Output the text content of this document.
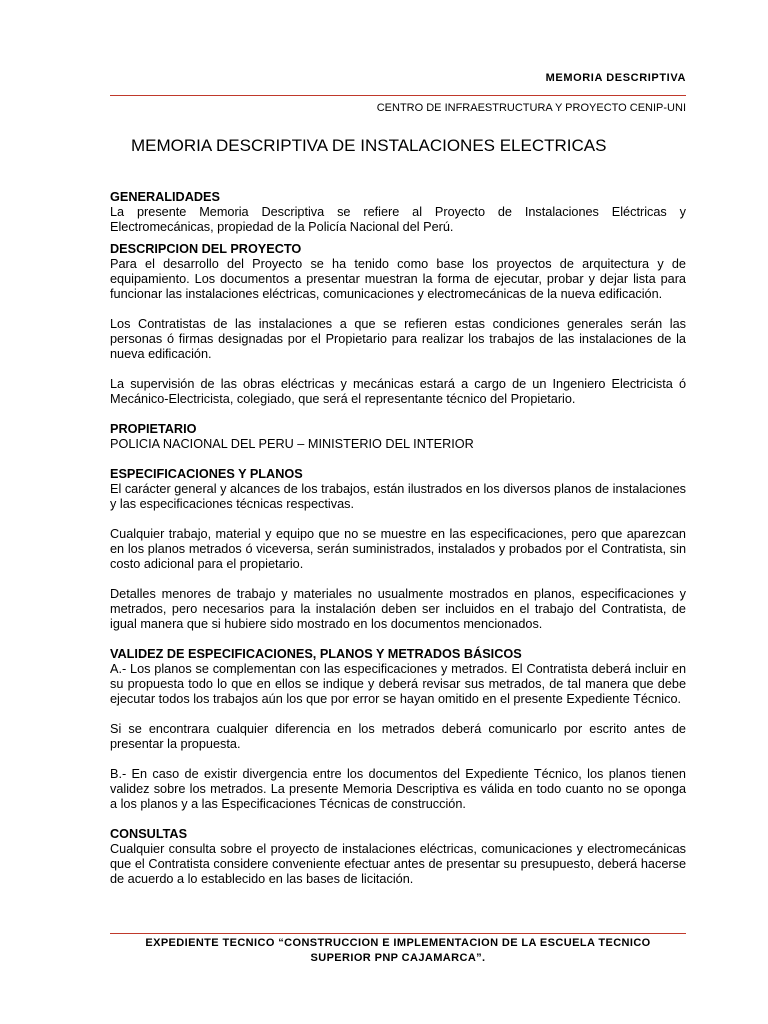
MEMORIA DESCRIPTIVA
CENTRO DE INFRAESTRUCTURA Y PROYECTO CENIP-UNI
MEMORIA DESCRIPTIVA DE INSTALACIONES ELECTRICAS

GENERALIDADES

La presente Memoria Descriptiva se refiere al Proyecto de Instalaciones Eléctricas y Electromecánicas, propiedad de la Policía Nacional del Perú.

DESCRIPCION DEL PROYECTO

Para el desarrollo del Proyecto se ha tenido como base los proyectos de arquitectura y de equipamiento. Los documentos a presentar muestran la forma de ejecutar, probar y dejar lista para funcionar las instalaciones eléctricas, comunicaciones y electromecánicas de la nueva edificación.

Los Contratistas de las instalaciones a que se refieren estas condiciones generales serán las personas ó firmas designadas por el Propietario para realizar los trabajos de las instalaciones de la nueva edificación.

La supervisión de las obras eléctricas y mecánicas estará a cargo de un Ingeniero Electricista ó Mecánico-Electricista, colegiado, que será el representante técnico del Propietario.

PROPIETARIO

POLICIA NACIONAL DEL PERU – MINISTERIO DEL INTERIOR

ESPECIFICACIONES Y PLANOS

El carácter general y alcances de los trabajos, están ilustrados en los diversos planos de instalaciones y las especificaciones técnicas respectivas.

Cualquier trabajo, material y equipo que no se muestre en las especificaciones, pero que aparezcan en los planos metrados ó viceversa, serán suministrados, instalados y probados por el Contratista, sin costo adicional para el propietario.

Detalles menores de trabajo y materiales no usualmente mostrados en planos, especificaciones y metrados, pero necesarios para la instalación deben ser incluidos en el trabajo del Contratista, de igual manera que si hubiere sido mostrado en los documentos mencionados.

VALIDEZ DE ESPECIFICACIONES, PLANOS Y METRADOS BÁSICOS

A.- Los planos se complementan con las especificaciones y metrados. El Contratista deberá incluir en su propuesta todo lo que en ellos se indique y deberá revisar sus metrados, de tal manera que debe ejecutar todos los trabajos aún los que por error se hayan omitido en el presente Expediente Técnico.

Si se encontrara cualquier diferencia en los metrados deberá comunicarlo por escrito antes de presentar la propuesta.

B.- En caso de existir divergencia entre los documentos del Expediente Técnico, los planos tienen validez sobre los metrados. La presente Memoria Descriptiva es válida en todo cuanto no se oponga a los planos y a las Especificaciones Técnicas de construcción.

CONSULTAS

Cualquier consulta sobre el proyecto de instalaciones eléctricas, comunicaciones y electromecánicas que el Contratista considere conveniente efectuar antes de presentar su presupuesto, deberá hacerse de acuerdo a lo establecido en las bases de licitación.

EXPEDIENTE TECNICO “CONSTRUCCION E IMPLEMENTACION DE LA ESCUELA TECNICO
SUPERIOR PNP CAJAMARCA”.
